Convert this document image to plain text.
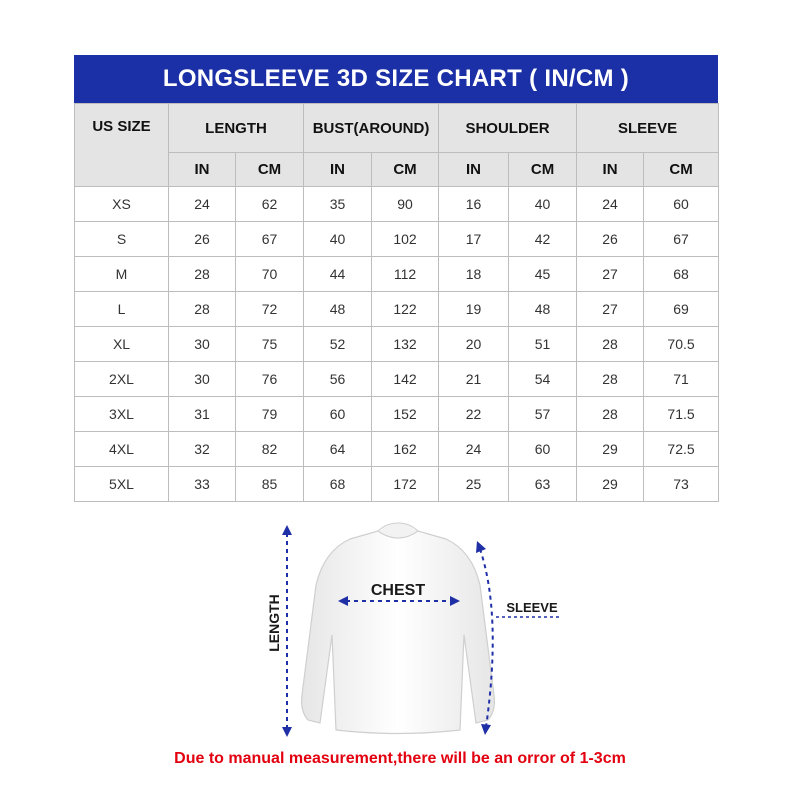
LONGSLEEVE 3D SIZE CHART ( IN/CM )
US SIZE	LENGTH		BUST(AROUND)		SHOULDER		SLEEVE	
	IN	CM	IN	CM	IN	CM	IN	CM
XS	24	62	35	90	16	40	24	60
S	26	67	40	102	17	42	26	67
M	28	70	44	112	18	45	27	68
L	28	72	48	122	19	48	27	69
XL	30	75	52	132	20	51	28	70.5
2XL	30	76	56	142	21	54	28	71
3XL	31	79	60	152	22	57	28	71.5
4XL	32	82	64	162	24	60	29	72.5
5XL	33	85	68	172	25	63	29	73
CHEST
SLEEVE
LENGTH
Due to manual measurement,there will be an orror of 1-3cm
